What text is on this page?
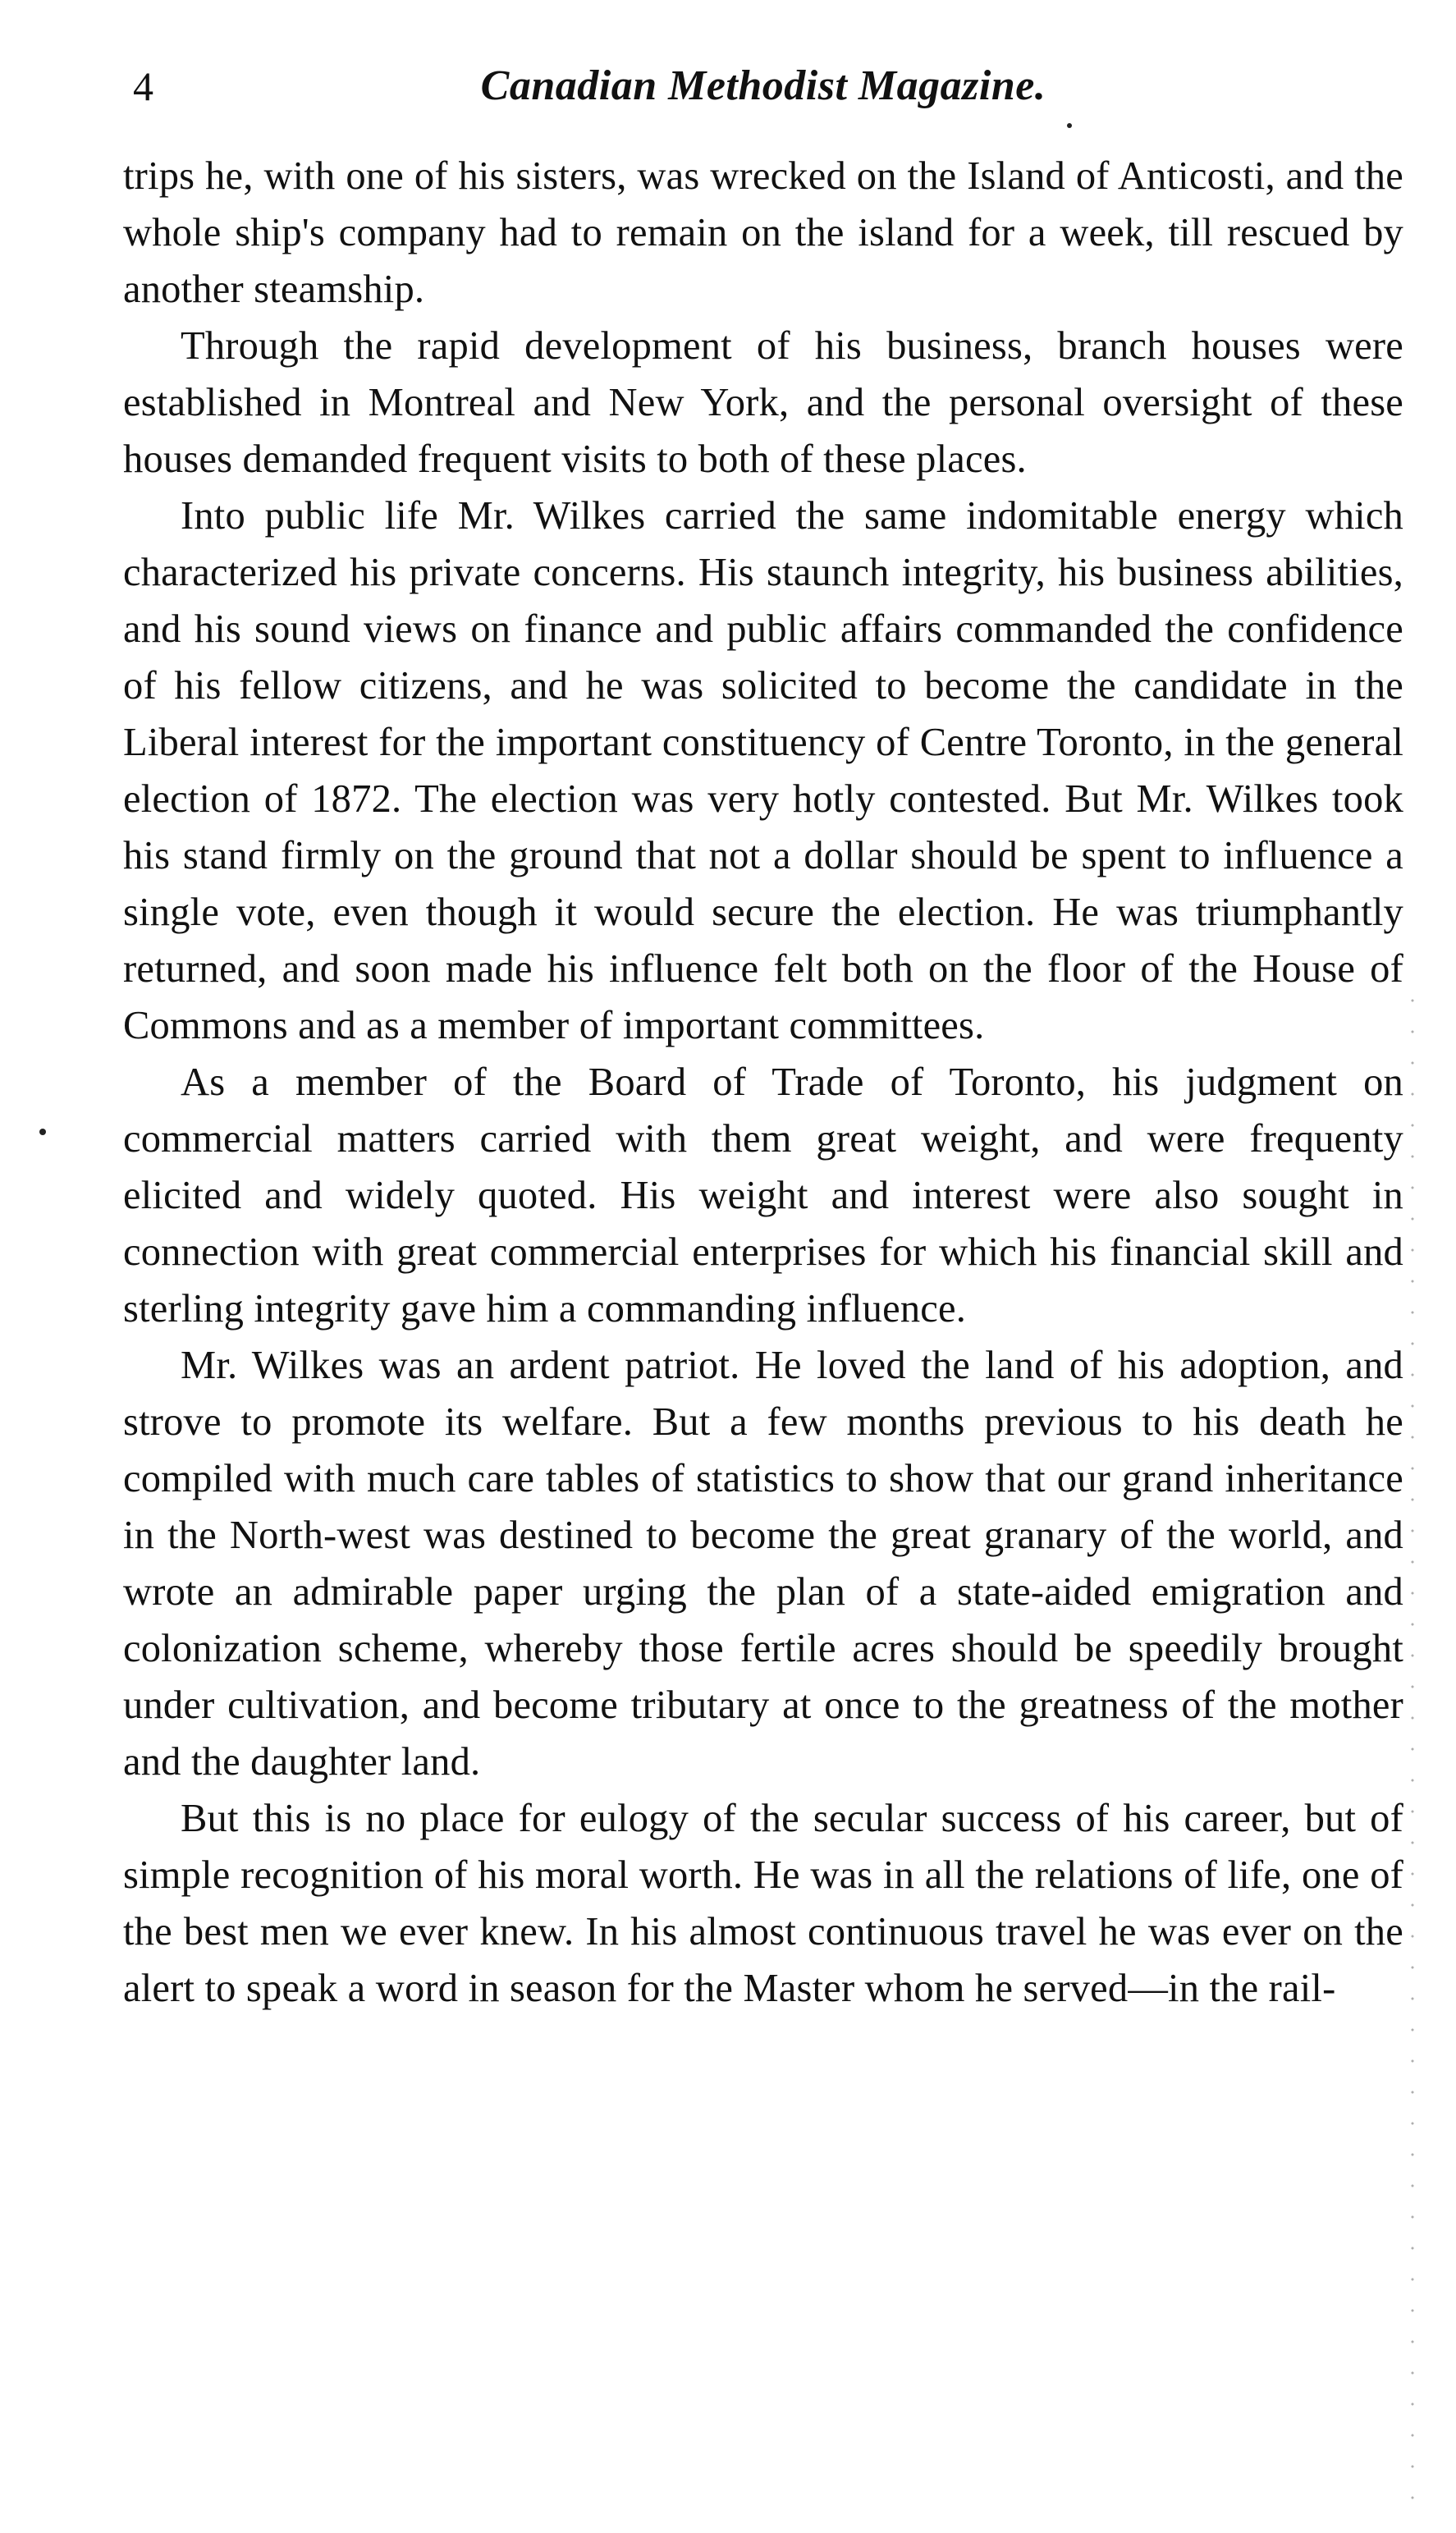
4	Canadian Methodist Magazine.

trips he, with one of his sisters, was wrecked on the Island of Anticosti, and the whole ship's company had to remain on the island for a week, till rescued by another steamship.

Through the rapid development of his business, branch houses were established in Montreal and New York, and the personal oversight of these houses demanded frequent visits to both of these places.

Into public life Mr. Wilkes carried the same indomitable energy which characterized his private concerns. His staunch integrity, his business abilities, and his sound views on finance and public affairs commanded the confidence of his fellow citizens, and he was solicited to become the candidate in the Liberal interest for the important constituency of Centre Toronto, in the general election of 1872. The election was very hotly contested. But Mr. Wilkes took his stand firmly on the ground that not a dollar should be spent to influence a single vote, even though it would secure the election. He was triumphantly returned, and soon made his influence felt both on the floor of the House of Commons and as a member of important committees.

As a member of the Board of Trade of Toronto, his judgment on commercial matters carried with them great weight, and were frequenty elicited and widely quoted. His weight and interest were also sought in connection with great commercial enterprises for which his financial skill and sterling integrity gave him a commanding influence.

Mr. Wilkes was an ardent patriot. He loved the land of his adoption, and strove to promote its welfare. But a few months previous to his death he compiled with much care tables of statistics to show that our grand inheritance in the North-west was destined to become the great granary of the world, and wrote an admirable paper urging the plan of a state-aided emigration and colonization scheme, whereby those fertile acres should be speedily brought under cultivation, and become tributary at once to the greatness of the mother and the daughter land.

But this is no place for eulogy of the secular success of his career, but of simple recognition of his moral worth. He was in all the relations of life, one of the best men we ever knew. In his almost continuous travel he was ever on the alert to speak a word in season for the Master whom he served—in the rail-
